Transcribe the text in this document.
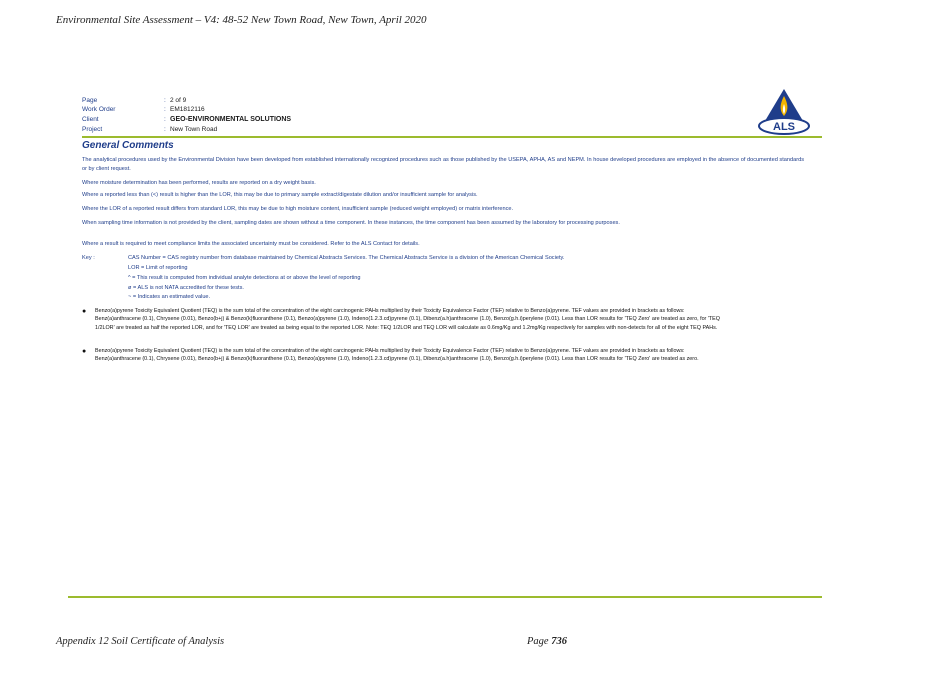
Environmental Site Assessment – V4: 48-52 New Town Road, New Town, April 2020
Page	: 2 of 9
Work Order	: EM1812116
Client	: GEO-ENVIRONMENTAL SOLUTIONS
Project	: New Town Road	ALS
General Comments
The analytical procedures used by the Environmental Division have been developed from established internationally recognized procedures such as those published by the USEPA, APHA, AS and NEPM. In house developed procedures are employed in the absence of documented standards or by client request.
Where moisture determination has been performed, results are reported on a dry weight basis.
Where a reported less than (<) result is higher than the LOR, this may be due to primary sample extract/digestate dilution and/or insufficient sample for analysis.
Where the LOR of a reported result differs from standard LOR, this may be due to high moisture content, insufficient sample (reduced weight employed) or matrix interference.
When sampling time information is not provided by the client, sampling dates are shown without a time component. In these instances, the time component has been assumed by the laboratory for processing purposes.
Where a result is required to meet compliance limits the associated uncertainty must be considered. Refer to the ALS Contact for details.
Key :	CAS Number = CAS registry number from database maintained by Chemical Abstracts Services. The Chemical Abstracts Service is a division of the American Chemical Society.
LOR = Limit of reporting
^ = This result is computed from individual analyte detections at or above the level of reporting
ø = ALS is not NATA accredited for these tests.
~ = Indicates an estimated value.
●	Benzo(a)pyrene Toxicity Equivalent Quotient (TEQ) is the sum total of the concentration of the eight carcinogenic PAHs multiplied by their Toxicity Equivalence Factor (TEF) relative to Benzo(a)pyrene. TEF values are provided in brackets as follows: Benz(a)anthracene (0.1), Chrysene (0.01), Benzo(b+j) & Benzo(k)fluoranthene (0.1), Benzo(a)pyrene (1.0), Indeno(1.2.3.cd)pyrene (0.1), Dibenz(a.h)anthracene (1.0), Benzo(g.h.i)perylene (0.01). Less than LOR results for 'TEQ Zero' are treated as zero, for 'TEQ 1/2LOR' are treated as half the reported LOR, and for 'TEQ LOR' are treated as being equal to the reported LOR. Note: TEQ 1/2LOR and TEQ LOR will calculate as 0.6mg/Kg and 1.2mg/Kg respectively for samples with non-detects for all of the eight TEQ PAHs.
●	Benzo(a)pyrene Toxicity Equivalent Quotient (TEQ) is the sum total of the concentration of the eight carcinogenic PAHs multiplied by their Toxicity Equivalence Factor (TEF) relative to Benzo(a)pyrene. TEF values are provided in brackets as follows: Benz(a)anthracene (0.1), Chrysene (0.01), Benzo(b+j) & Benzo(k)fluoranthene (0.1), Benzo(a)pyrene (1.0), Indeno(1.2.3.cd)pyrene (0.1), Dibenz(a.h)anthracene (1.0), Benzo(g.h.i)perylene (0.01). Less than LOR results for 'TEQ Zero' are treated as zero.
Appendix 12 Soil Certificate of Analysis	Page 736
